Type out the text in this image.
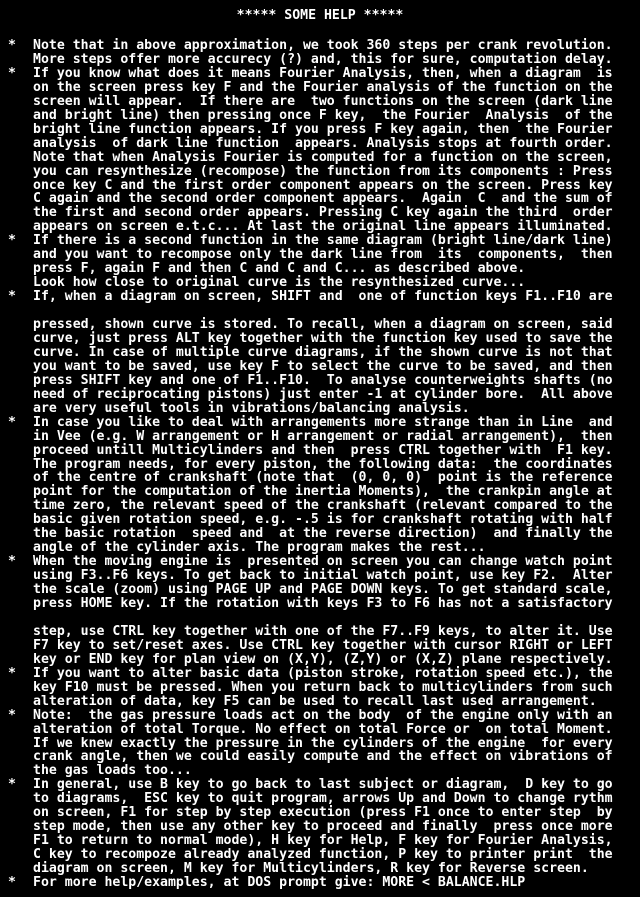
***** SOME HELP *****
* Note that in above approximation, we took 360 steps per crank revolution.
More steps offer more accurecy (?) and, this for sure, computation delay.
* If you know what does it means Fourier Analysis, then, when a diagram  is
on the screen press key F and the Fourier analysis of the function on the
screen will appear.  If there are  two functions on the screen (dark line
and bright line) then pressing once F key,  the Fourier  Analysis  of the
bright line function appears. If you press F key again, then  the Fourier
analysis  of dark line function  appears. Analysis stops at fourth order.
Note that when Analysis Fourier is computed for a function on the screen,
you can resynthesize (recompose) the function from its components : Press
once key C and the first order component appears on the screen. Press key
C again and the second order component appears.  Again  C  and the sum of
the first and second order appears. Pressing C key again the third  order
appears on screen e.t.c... At last the original line appears illuminated.
* If there is a second function in the same diagram (bright line/dark line)
and you want to recompose only the dark line from  its  components,  then
press F, again F and then C and C and C... as described above.
Look how close to original curve is the resynthesized curve...
* If, when a diagram on screen, SHIFT and  one of function keys F1..F10 are
pressed, shown curve is stored. To recall, when a diagram on screen, said
curve, just press ALT key together with the function key used to save the
curve. In case of multiple curve diagrams, if the shown curve is not that
you want to be saved, use key F to select the curve to be saved, and then
press SHIFT key and one of F1..F10.  To analyse counterweights shafts (no
need of reciprocating pistons) just enter -1 at cylinder bore.  All above
are very useful tools in vibrations/balancing analysis.
* In case you like to deal with arrangements more strange than in Line  and
in Vee (e.g. W arrangement or H arrangement or radial arrangement),  then
proceed untill Multicylinders and then  press CTRL together with  F1 key.
The program needs, for every piston, the following data:  the coordinates
of the centre of crankshaft (note that  (0, 0, 0)  point is the reference
point for the computation of the inertia Moments),  the crankpin angle at
time zero, the relevant speed of the crankshaft (relevant compared to the
basic given rotation speed, e.g. -.5 is for crankshaft rotating with half
the basic rotation  speed and  at the reverse direction)  and finally the
angle of the cylinder axis. The program makes the rest...
* When the moving engine is  presented on screen you can change watch point
using F3..F6 keys. To get back to initial watch point, use key F2.  Alter
the scale (zoom) using PAGE UP and PAGE DOWN keys. To get standard scale,
press HOME key. If the rotation with keys F3 to F6 has not a satisfactory
step, use CTRL key together with one of the F7..F9 keys, to alter it. Use
F7 key to set/reset axes. Use CTRL key together with cursor RIGHT or LEFT
key or END key for plan view on (X,Y), (Z,Y) or (X,Z) plane respectively.
* If you want to alter basic data (piston stroke, rotation speed etc.), the
key F10 must be pressed. When you return back to multicylinders from such
alteration of data, key F5 can be used to recall last used arrangement.
* Note:  the gas pressure loads act on the body  of the engine only with an
alteration of total Torque. No effect on total Force or  on total Moment.
If we knew exactly the pressure in the cylinders of the engine  for every
crank angle, then we could easily compute and the effect on vibrations of
the gas loads too...
* In general, use B key to go back to last subject or diagram,  D key to go
to diagrams,  ESC key to quit program, arrows Up and Down to change rythm
on screen, F1 for step by step execution (press F1 once to enter step  by
step mode, then use any other key to proceed and finally  press once more
F1 to return to normal mode), H key for Help, F key for Fourier Analysis,
C key to recompoze already analyzed function, P key to printer print  the
diagram on screen, M key for Multicylinders, R key for Reverse screen.
* For more help/examples, at DOS prompt give: MORE < BALANCE.HLP
